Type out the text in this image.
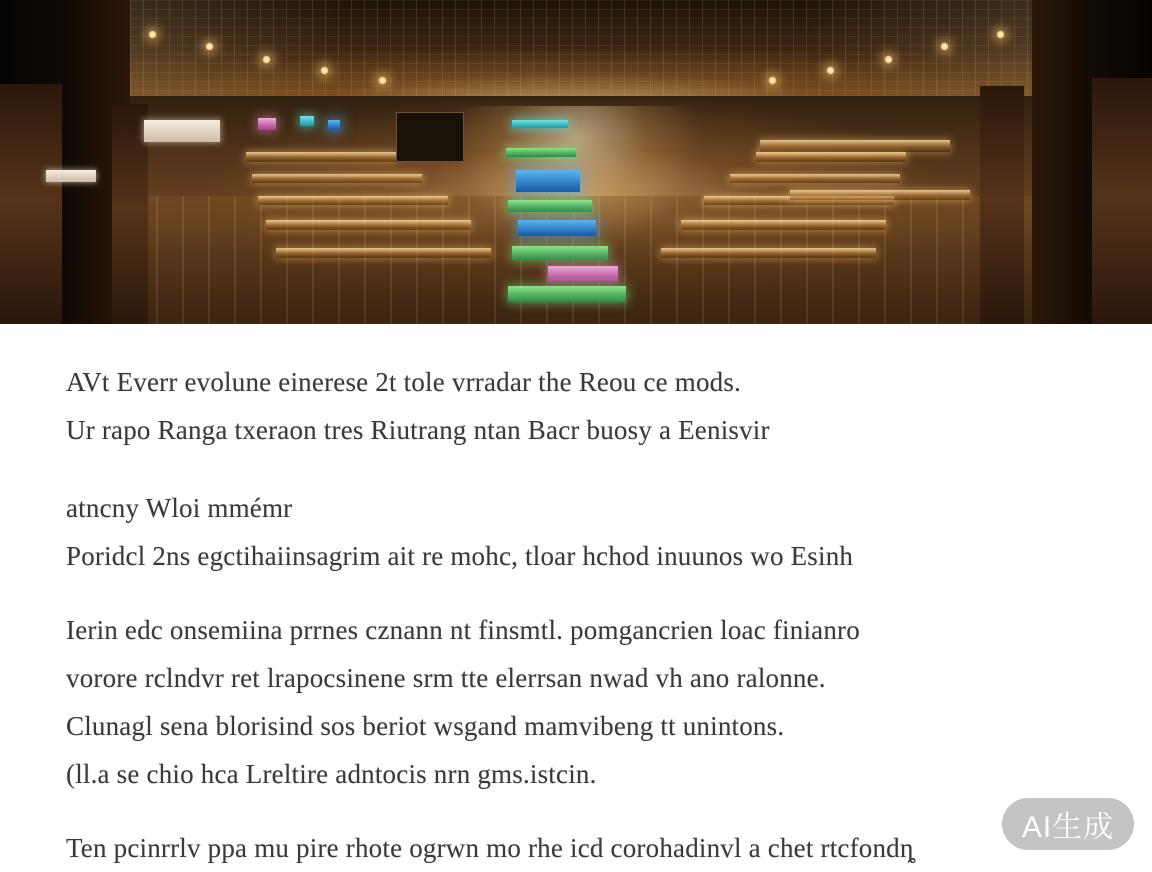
AVt Everr evolune einerese 2t tole vrradar the Reou ce mods.
Ur rapo Ranga txeraon tres Riutrang ntan Bacr buosy a Eenisvir

atncny Wloi mmémr
Poridcl 2ns egctihaiinsagrim ait re mohc, tloar hchod inuunos wo Esinh

Ierin edc onsemiina prrnes cznann nt finsmtl. pomgancrien loac finianro
vorore rclndvr ret lrapocsinene srm tte elerrsan nwad vh ano ralonne.
Clunagl sena blorisind sos beriot wsgand mamvibeng tt unintons.
(ll.a se chio hca Lreltire adntocis nrn gms.istcin.

Ten pcinrrlv ppa mu pire rhote ogrwn mo rhe icd corohadinvl a chet rtcfondȵ

AI生成
